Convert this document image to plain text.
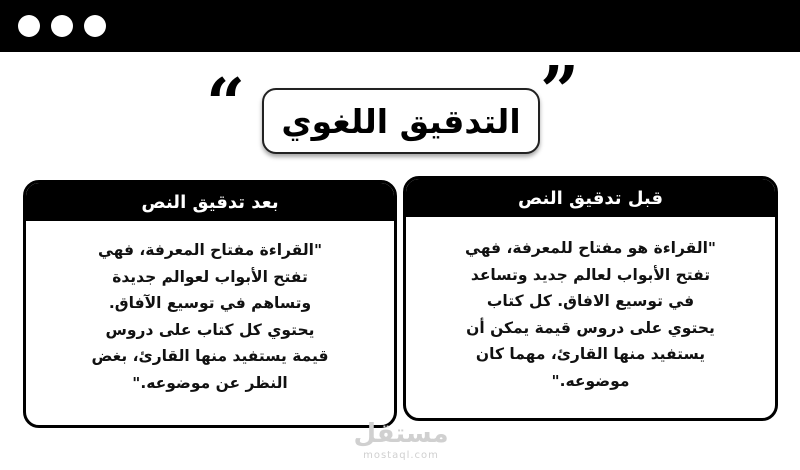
“	”
التدقيق اللغوي
قبل تدقيق النص
"القراءة هو مفتاح للمعرفة، فهي
تفتح الأبواب لعالم جديد وتساعد
في توسيع الافاق. كل كتاب
يحتوي على دروس قيمة يمكن أن
يستفيد منها القارئ، مهما كان
موضوعه."
بعد تدقيق النص
"القراءة مفتاح المعرفة، فهي
تفتح الأبواب لعوالم جديدة
وتساهم في توسيع الآفاق.
يحتوي كل كتاب على دروس
قيمة يستفيد منها القارئ، بغض
النظر عن موضوعه."
مستقل
mostaql.com
